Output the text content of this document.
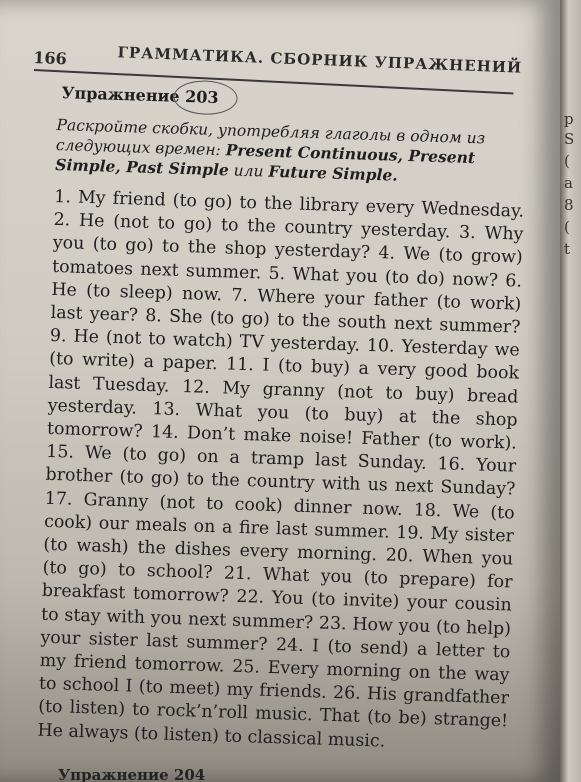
166	ГРАММАТИКА. СБОРНИК УПРАЖНЕНИЙ
Упражнение 203
Раскройте скобки, употребляя глаголы в одном из следующих времен: Present Continuous, Present Simple, Past Simple или Future Simple.
1. My friend (to go) to the library every Wednesday. 2. He (not to go) to the country yesterday. 3. Why you (to go) to the shop yesterday? 4. We (to grow) tomatoes next summer. 5. What you (to do) now? 6. He (to sleep) now. 7. Where your father (to work) last year? 8. She (to go) to the south next summer? 9. He (not to watch) TV yesterday. 10. Yesterday we (to write) a paper. 11. I (to buy) a very good book last Tuesday. 12. My granny (not to buy) bread yesterday. 13. What you (to buy) at the shop tomorrow? 14. Don’t make noise! Father (to work). 15. We (to go) on a tramp last Sunday. 16. Your brother (to go) to the country with us next Sunday? 17. Granny (not to cook) dinner now. 18. We (to cook) our meals on a fire last summer. 19. My sister (to wash) the dishes every morning. 20. When you (to go) to school? 21. What you (to prepare) for breakfast tomorrow? 22. You (to invite) your cousin to stay with you next summer? 23. How you (to help) your sister last summer? 24. I (to send) a letter to my friend tomorrow. 25. Every morning on the way to school I (to meet) my friends. 26. His grandfather (to listen) to rock’n’roll music. That (to be) strange! He always (to listen) to classical music.
Упражнение 204
р
S
(
а
8
(
t
